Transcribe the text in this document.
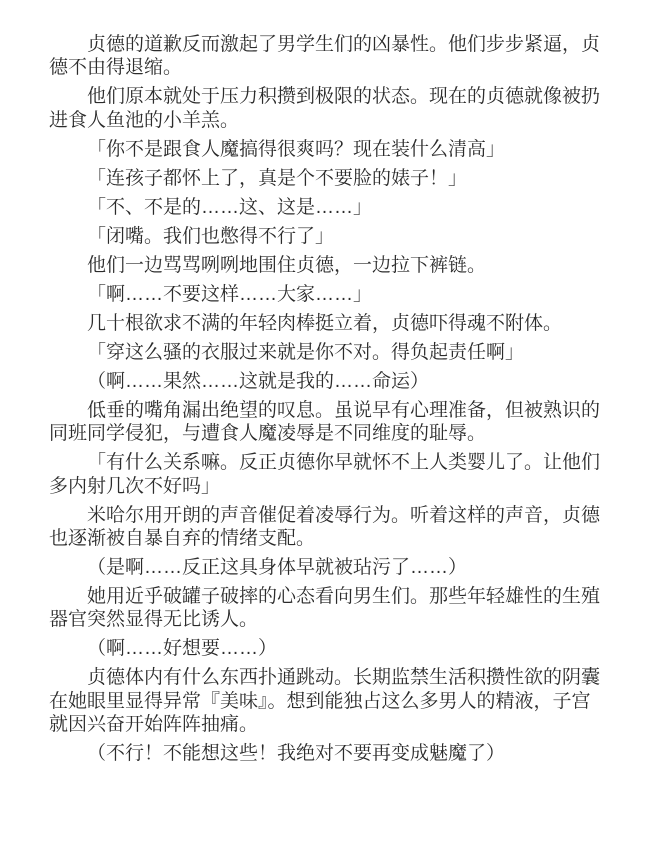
贞德的道歉反而激起了男学生们的凶暴性。他们步步紧逼，贞德不由得退缩。

他们原本就处于压力积攒到极限的状态。现在的贞德就像被扔进食人鱼池的小羊羔。

「你不是跟食人魔搞得很爽吗？现在装什么清高」

「连孩子都怀上了，真是个不要脸的婊子！」

「不、不是的……这、这是……」

「闭嘴。我们也憋得不行了」

他们一边骂骂咧咧地围住贞德，一边拉下裤链。

「啊……不要这样……大家……」

几十根欲求不满的年轻肉棒挺立着，贞德吓得魂不附体。

「穿这么骚的衣服过来就是你不对。得负起责任啊」

（啊……果然……这就是我的……命运）

低垂的嘴角漏出绝望的叹息。虽说早有心理准备，但被熟识的同班同学侵犯，与遭食人魔凌辱是不同维度的耻辱。

「有什么关系嘛。反正贞德你早就怀不上人类婴儿了。让他们多内射几次不好吗」

米哈尔用开朗的声音催促着凌辱行为。听着这样的声音，贞德也逐渐被自暴自弃的情绪支配。

（是啊……反正这具身体早就被玷污了……）

她用近乎破罐子破摔的心态看向男生们。那些年轻雄性的生殖器官突然显得无比诱人。

（啊……好想要……）

贞德体内有什么东西扑通跳动。长期监禁生活积攒性欲的阴囊在她眼里显得异常『美味』。想到能独占这么多男人的精液，子宫就因兴奋开始阵阵抽痛。

（不行！不能想这些！我绝对不要再变成魅魔了）
